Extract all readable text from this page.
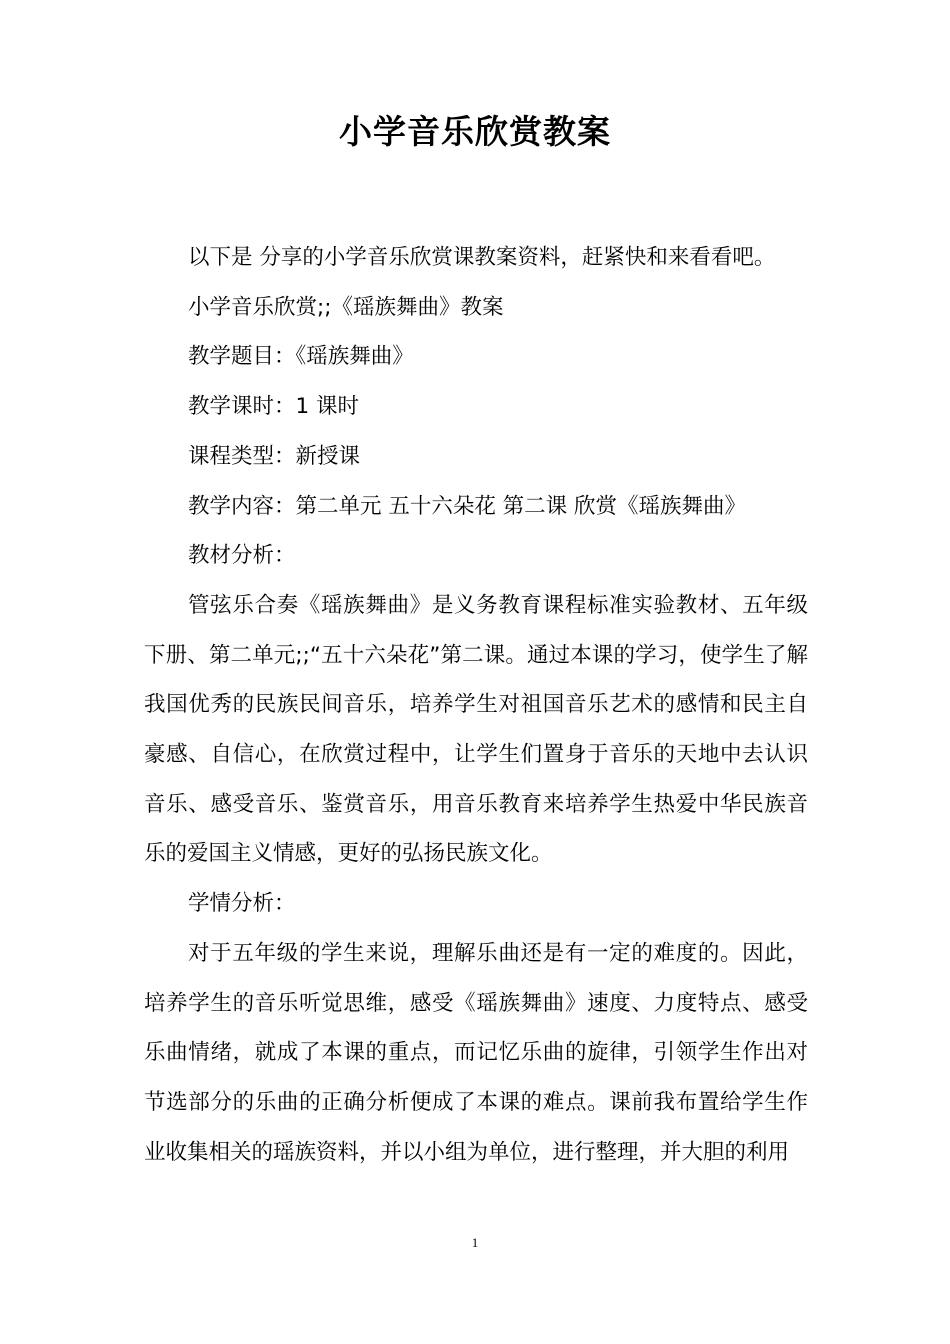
小学音乐欣赏教案

以下是 分享的小学音乐欣赏课教案资料，赶紧快和来看看吧。

小学音乐欣赏;;《瑶族舞曲》教案

教学题目：《瑶族舞曲》

教学课时：1 课时

课程类型：新授课

教学内容：第二单元 五十六朵花 第二课 欣赏《瑶族舞曲》

教材分析：

管弦乐合奏《瑶族舞曲》是义务教育课程标准实验教材、五年级下册、第二单元;;“五十六朵花”第二课。通过本课的学习，使学生了解我国优秀的民族民间音乐，培养学生对祖国音乐艺术的感情和民主自豪感、自信心，在欣赏过程中，让学生们置身于音乐的天地中去认识音乐、感受音乐、鉴赏音乐，用音乐教育来培养学生热爱中华民族音乐的爱国主义情感，更好的弘扬民族文化。

学情分析：

对于五年级的学生来说，理解乐曲还是有一定的难度的。因此，培养学生的音乐听觉思维，感受《瑶族舞曲》速度、力度特点、感受乐曲情绪，就成了本课的重点，而记忆乐曲的旋律，引领学生作出对节选部分的乐曲的正确分析便成了本课的难点。课前我布置给学生作业收集相关的瑶族资料，并以小组为单位，进行整理，并大胆的利用

1
